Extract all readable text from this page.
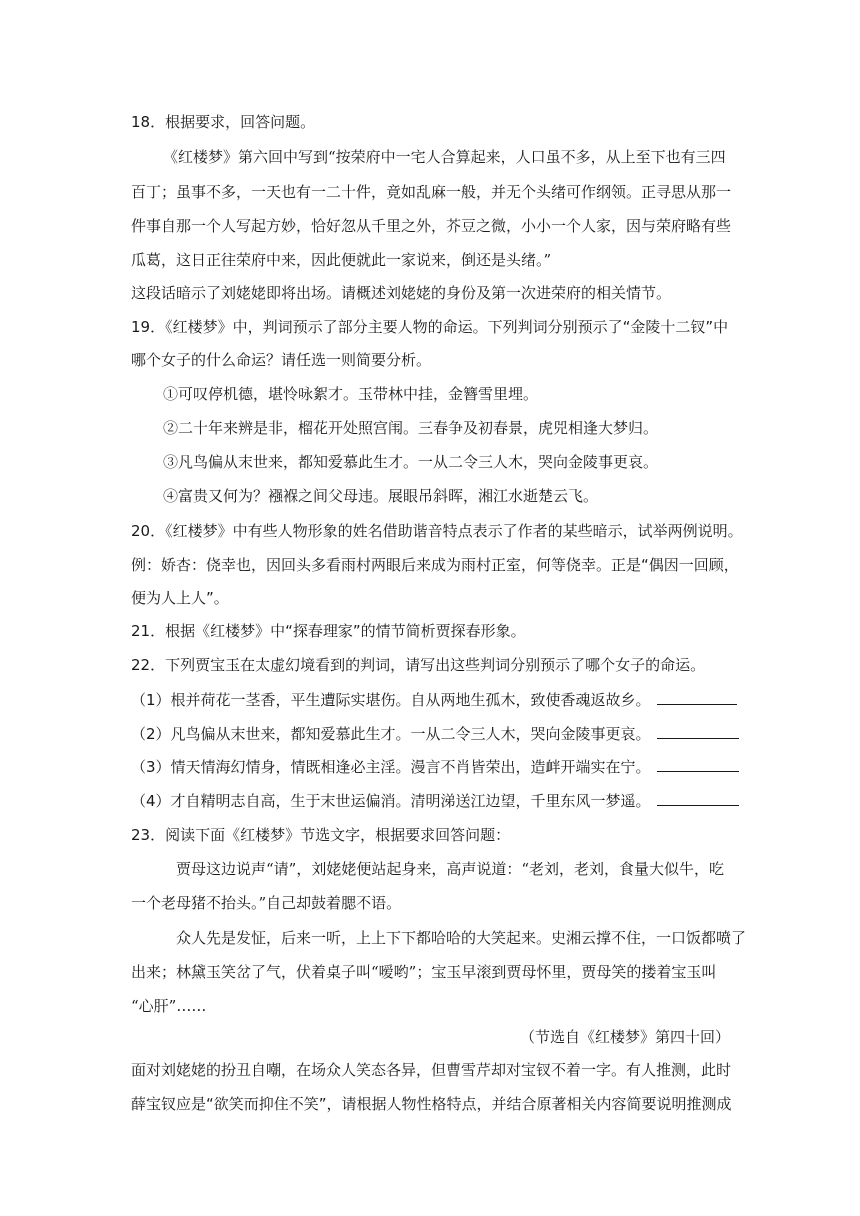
18．根据要求，回答问题。
《红楼梦》第六回中写到“按荣府中一宅人合算起来，人口虽不多，从上至下也有三四
百丁；虽事不多，一天也有一二十件，竟如乱麻一般，并无个头绪可作纲领。正寻思从那一
件事自那一个人写起方妙，恰好忽从千里之外，芥豆之微，小小一个人家，因与荣府略有些
瓜葛，这日正往荣府中来，因此便就此一家说来，倒还是头绪。”
这段话暗示了刘姥姥即将出场。请概述刘姥姥的身份及第一次进荣府的相关情节。
19．《红楼梦》中，判词预示了部分主要人物的命运。下列判词分别预示了“金陵十二钗”中
哪个女子的什么命运？请任选一则简要分析。
①可叹停机德，堪怜咏絮才。玉带林中挂，金簪雪里埋。
②二十年来辨是非，榴花开处照宫闱。三春争及初春景，虎兕相逢大梦归。
③凡鸟偏从末世来，都知爱慕此生才。一从二令三人木，哭向金陵事更哀。
④富贵又何为？襁褓之间父母违。展眼吊斜晖，湘江水逝楚云飞。
20．《红楼梦》中有些人物形象的姓名借助谐音特点表示了作者的某些暗示，试举两例说明。
例：娇杏：侥幸也，因回头多看雨村两眼后来成为雨村正室，何等侥幸。正是“偶因一回顾，
便为人上人”。
21．根据《红楼梦》中“探春理家”的情节简析贾探春形象。
22．下列贾宝玉在太虚幻境看到的判词，请写出这些判词分别预示了哪个女子的命运。
（1）根并荷花一茎香，平生遭际实堪伤。自从两地生孤木，致使香魂返故乡。
（2）凡鸟偏从末世来，都知爱慕此生才。一从二令三人木，哭向金陵事更哀。
（3）情天情海幻情身，情既相逢必主淫。漫言不肖皆荣出，造衅开端实在宁。
（4）才自精明志自高，生于末世运偏消。清明涕送江边望，千里东风一梦遥。
23．阅读下面《红楼梦》节选文字，根据要求回答问题：
贾母这边说声“请”，刘姥姥便站起身来，高声说道：“老刘，老刘，食量大似牛，吃
一个老母猪不抬头。”自己却鼓着腮不语。
众人先是发怔，后来一听，上上下下都哈哈的大笑起来。史湘云撑不住，一口饭都喷了
出来；林黛玉笑岔了气，伏着桌子叫“嗳哟”；宝玉早滚到贾母怀里，贾母笑的搂着宝玉叫
“心肝”……
（节选自《红楼梦》第四十回）
面对刘姥姥的扮丑自嘲，在场众人笑态各异，但曹雪芹却对宝钗不着一字。有人推测，此时
薛宝钗应是“欲笑而抑住不笑”，请根据人物性格特点，并结合原著相关内容简要说明推测成
